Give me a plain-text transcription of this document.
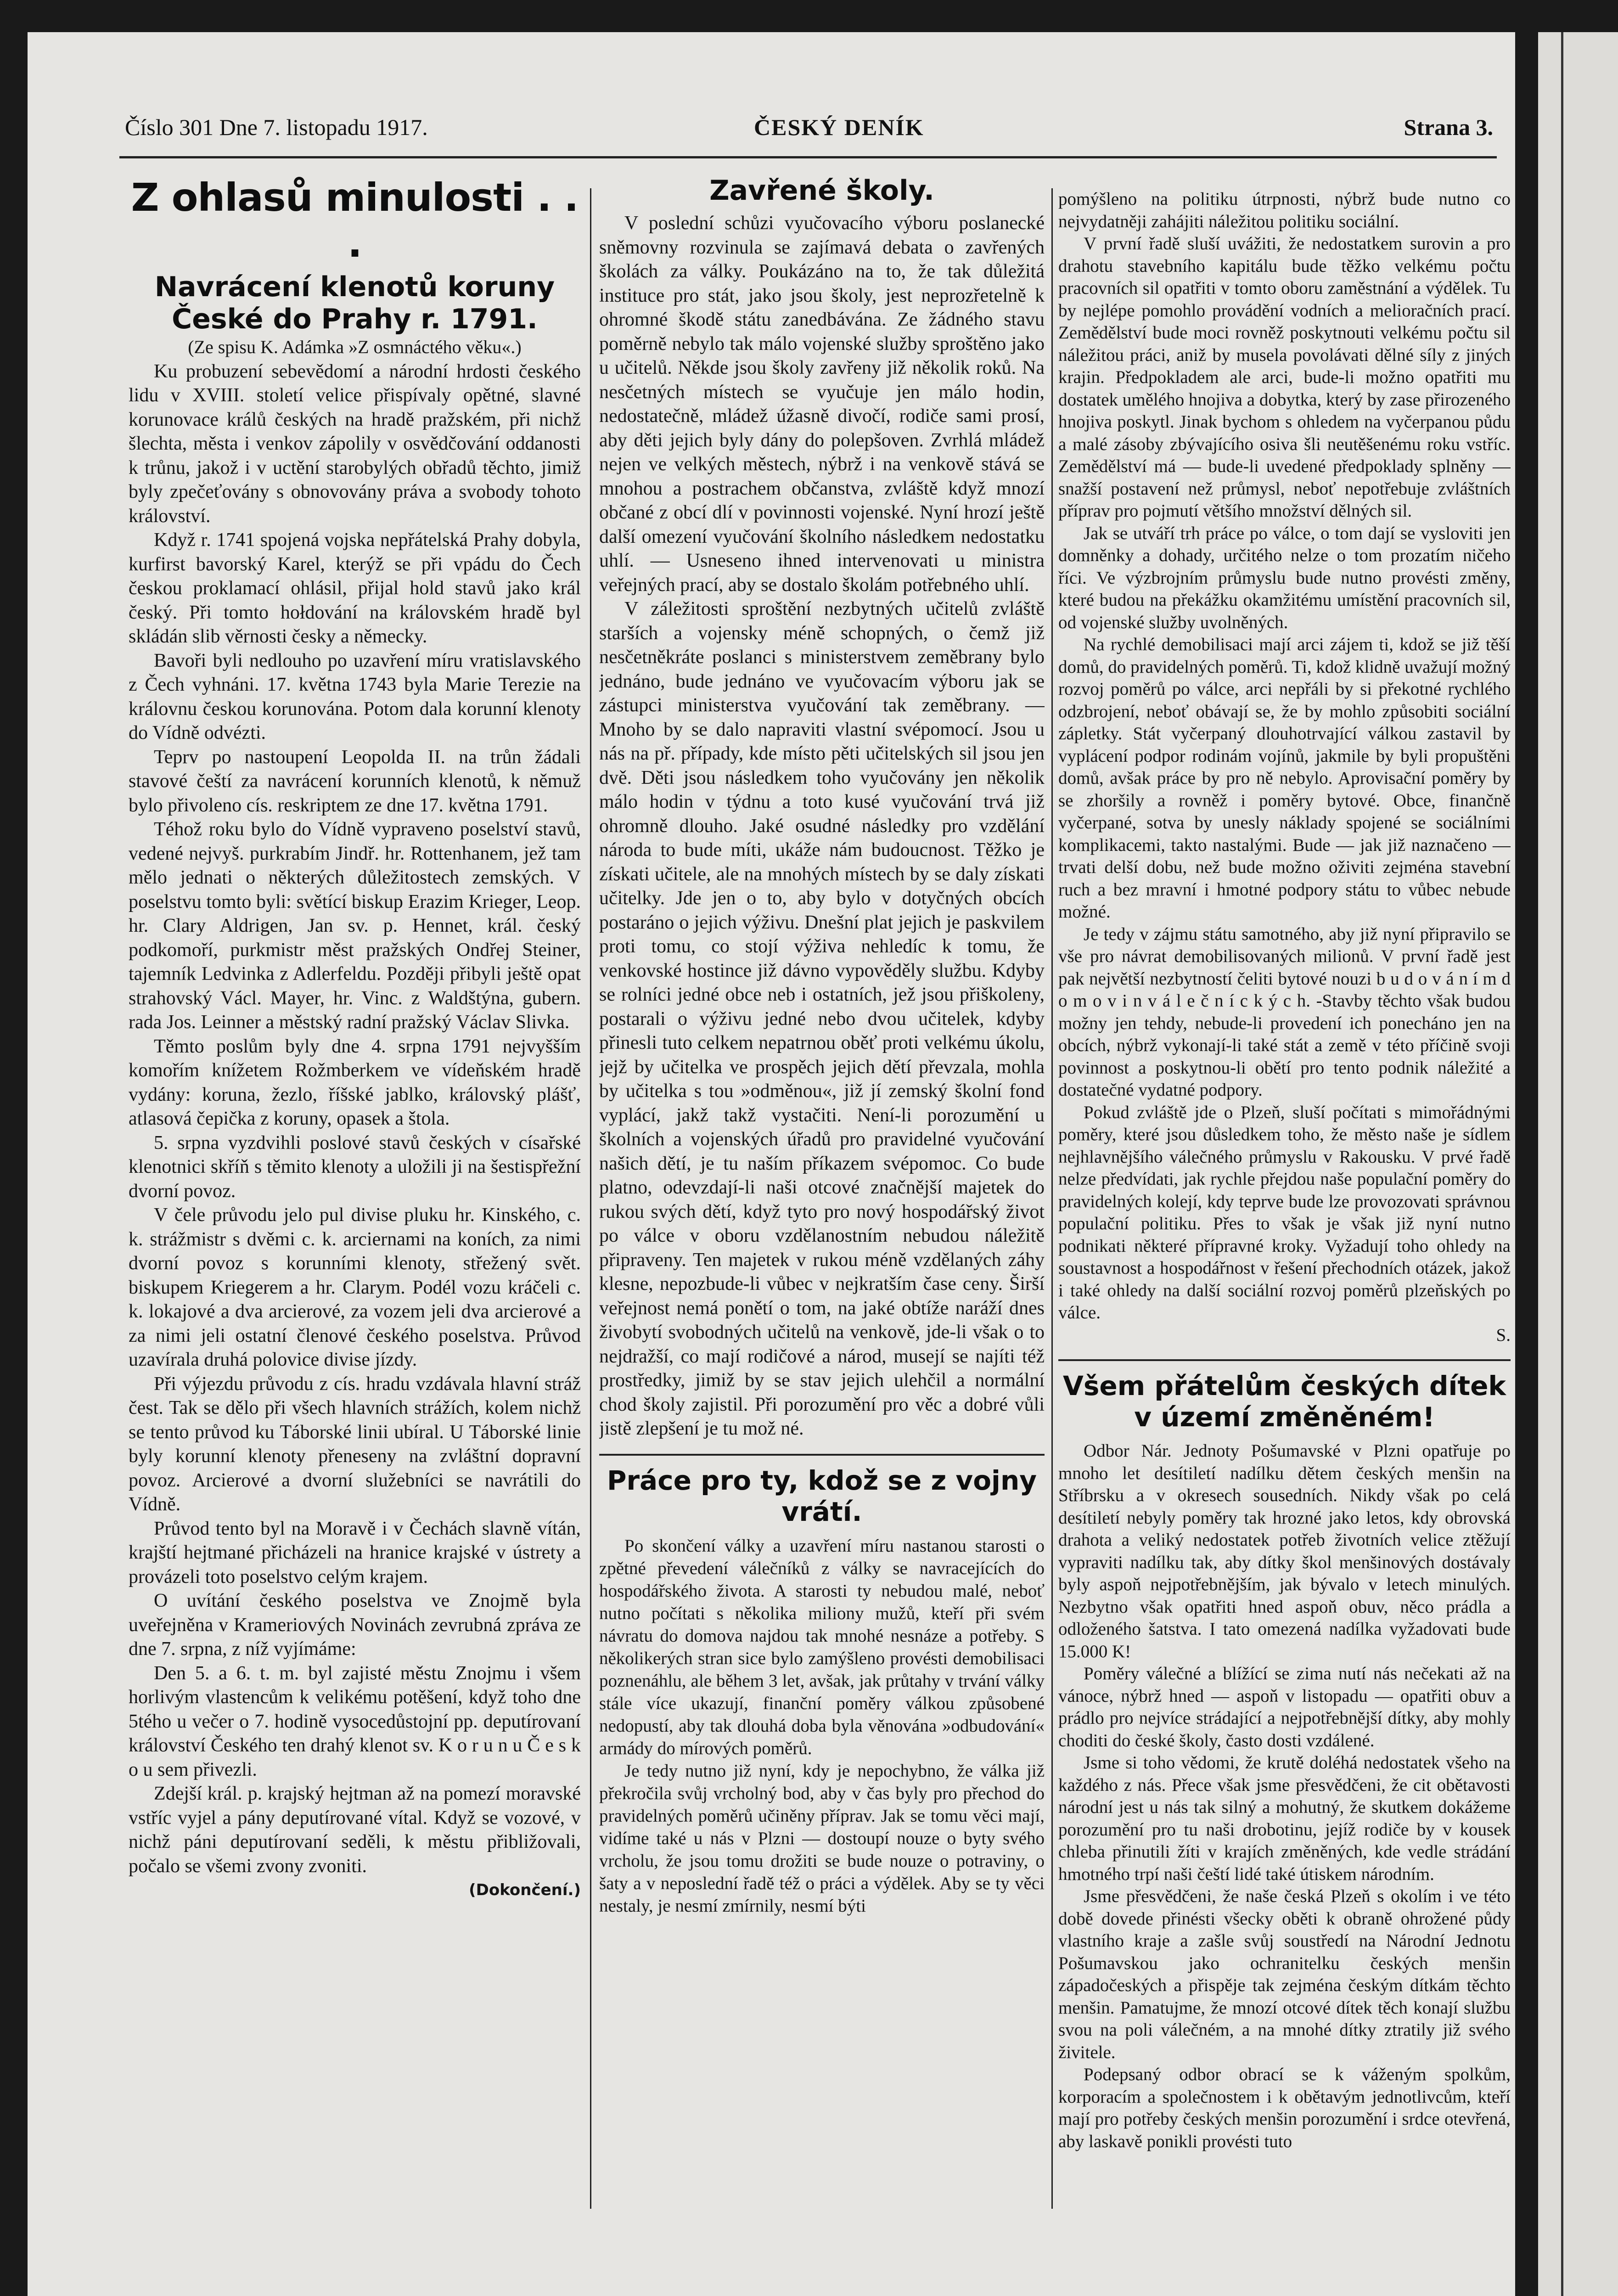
Číslo 301 Dne 7. listopadu 1917.	ČESKÝ DENÍK	Strana 3.
Z ohlasů minulosti . . .
Navrácení klenotů koruny České do Prahy r. 1791.

(Ze spisu K. Adámka »Z osmnáctého věku«.)

Ku probuzení sebevědomí a národní hrdosti českého lidu v XVIII. století velice přispívaly opětné, slavné korunovace králů českých na hradě pražském, při nichž šlechta, města i venkov zápolily v osvědčování oddanosti k trůnu, jakož i v uctění starobylých obřadů těchto, jimiž byly zpečeťovány s obnovovány práva a svobody tohoto království.

Když r. 1741 spojená vojska nepřátelská Prahy dobyla, kurfirst bavorský Karel, kterýž se při vpádu do Čech českou proklamací ohlásil, přijal hold stavů jako král český. Při tomto hołdování na královském hradě byl skládán slib věrnosti česky a německy.

Bavoři byli nedlouho po uzavření míru vratislavského z Čech vyhnáni. 17. května 1743 byla Marie Terezie na královnu českou korunována. Potom dala korunní klenoty do Vídně odvézti.

Teprv po nastoupení Leopolda II. na trůn žádali stavové čeští za navrácení korunních klenotů, k němuž bylo přivoleno cís. reskriptem ze dne 17. května 1791.

Téhož roku bylo do Vídně vypraveno poselství stavů, vedené nejvyš. purkrabím Jindř. hr. Rottenhanem, jež tam mělo jednati o některých důležitostech zemských. V poselstvu tomto byli: světící biskup Erazim Krieger, Leop. hr. Clary Aldrigen, Jan sv. p. Hennet, král. český podkomoří, purkmistr měst pražských Ondřej Steiner, tajemník Ledvinka z Adlerfeldu. Později přibyli ještě opat strahovský Václ. Mayer, hr. Vinc. z Waldštýna, gubern. rada Jos. Leinner a městský radní pražský Václav Slivka.

Těmto poslům byly dne 4. srpna 1791 nejvyšším komořím knížetem Rožmberkem ve vídeňském hradě vydány: koruna, žezlo, říšské jablko, královský plášť, atlasová čepička z koruny, opasek a štola.

5. srpna vyzdvihli poslové stavů českých v císařské klenotnici skříň s těmito klenoty a uložili ji na šestispřežní dvorní povoz.

V čele průvodu jelo pul divise pluku hr. Kinského, c. k. strážmistr s dvěmi c. k. arciernami na koních, za nimi dvorní povoz s korunními klenoty, střežený svět. biskupem Kriegerem a hr. Clarym. Podél vozu kráčeli c. k. lokajové a dva arcierové, za vozem jeli dva arcierové a za nimi jeli ostatní členové českého poselstva. Průvod uzavírala druhá polovice divise jízdy.

Při výjezdu průvodu z cís. hradu vzdávala hlavní stráž čest. Tak se dělo při všech hlavních strážích, kolem nichž se tento průvod ku Táborské linii ubíral. U Táborské linie byly korunní klenoty přeneseny na zvláštní dopravní povoz. Arcierové a dvorní služebníci se navrátili do Vídně.

Průvod tento byl na Moravě i v Čechách slavně vítán, krajští hejtmané přicházeli na hranice krajské v ústrety a provázeli toto poselstvo celým krajem.

O uvítání českého poselstva ve Znojmě byla uveřejněna v Krameriových Novinách zevrubná zpráva ze dne 7. srpna, z níž vyjímáme:

Den 5. a 6. t. m. byl zajisté městu Znojmu i všem horlivým vlastencům k velikému potěšení, když toho dne 5tého u večer o 7. hodině vysocedůstojní pp. deputírovaní království Českého ten drahý klenot sv. K o r u n u Č e s k o u sem přivezli.

Zdejší král. p. krajský hejtman až na pomezí moravské vstříc vyjel a pány deputírované vítal. Když se vozové, v nichž páni deputírovaní seděli, k městu přibližovali, počalo se všemi zvony zvoniti.

(Dokončení.)

Zavřené školy.

V poslední schůzi vyučovacího výboru poslanecké sněmovny rozvinula se zajímavá debata o zavřených školách za války. Poukázáno na to, že tak důležitá instituce pro stát, jako jsou školy, jest neprozřetelně k ohromné škodě státu zanedbávána. Ze žádného stavu poměrně nebylo tak málo vojenské služby sproštěno jako u učitelů. Někde jsou školy zavřeny již několik roků. Na nesčetných místech se vyučuje jen málo hodin, nedostatečně, mládež úžasně divočí, rodiče sami prosí, aby děti jejich byly dány do polepšoven. Zvrhlá mládež nejen ve velkých městech, nýbrž i na venkově stává se mnohou a postrachem občanstva, zvláště když mnozí občané z obcí dlí v povinnosti vojenské. Nyní hrozí ještě další omezení vyučování školního následkem nedostatku uhlí. — Usneseno ihned intervenovati u ministra veřejných prací, aby se dostalo školám potřebného uhlí.

V záležitosti sproštění nezbytných učitelů zvláště starších a vojensky méně schopných, o čemž již nesčetněkráte poslanci s ministerstvem zeměbrany bylo jednáno, bude jednáno ve vyučovacím výboru jak se zástupci ministerstva vyučování tak zeměbrany. — Mnoho by se dalo napraviti vlastní svépomocí. Jsou u nás na př. případy, kde místo pěti učitelských sil jsou jen dvě. Děti jsou následkem toho vyučovány jen několik málo hodin v týdnu a toto kusé vyučování trvá již ohromně dlouho. Jaké osudné následky pro vzdělání národa to bude míti, ukáže nám budoucnost. Těžko je získati učitele, ale na mnohých místech by se daly získati učitelky. Jde jen o to, aby bylo v dotyčných obcích postaráno o jejich výživu. Dnešní plat jejich je paskvilem proti tomu, co stojí výživa nehledíc k tomu, že venkovské hostince již dávno vypověděly službu. Kdyby se rolníci jedné obce neb i ostatních, jež jsou přiškoleny, postarali o výživu jedné nebo dvou učitelek, kdyby přinesli tuto celkem nepatrnou oběť proti velkému úkolu, jejž by učitelka ve prospěch jejich dětí převzala, mohla by učitelka s tou »odměnou«, již jí zemský školní fond vyplácí, jakž takž vystačiti. Není-li porozumění u školních a vojenských úřadů pro pravidelné vyučování našich dětí, je tu naším příkazem svépomoc. Co bude platno, odevzdají-li naši otcové značnější majetek do rukou svých dětí, když tyto pro nový hospodářský život po válce v oboru vzdělanostním nebudou náležitě připraveny. Ten majetek v rukou méně vzdělaných záhy klesne, nepozbude-li vůbec v nejkratším čase ceny. Širší veřejnost nemá ponětí o tom, na jaké obtíže naráží dnes živobytí svobodných učitelů na venkově, jde-li však o to nejdražší, co mají rodičové a národ, musejí se najíti též prostředky, jimiž by se stav jejich ulehčil a normální chod školy zajistil. Při porozumění pro věc a dobré vůli jistě zlepšení je tu mož né.

Práce pro ty, kdož se z vojny vrátí.

Po skončení války a uzavření míru nastanou starosti o zpětné převedení válečníků z války se navracejících do hospodářského života. A starosti ty nebudou malé, neboť nutno počítati s několika miliony mužů, kteří při svém návratu do domova najdou tak mnohé nesnáze a potřeby. S několikerých stran sice bylo zamýšleno provésti demobilisaci poznenáhlu, ale během 3 let, avšak, jak průtahy v trvání války stále více ukazují, finanční poměry válkou způsobené nedopustí, aby tak dlouhá doba byla věnována »odbudování« armády do mírových poměrů.

Je tedy nutno již nyní, kdy je nepochybno, že válka již překročila svůj vrcholný bod, aby v čas byly pro přechod do pravidelných poměrů učiněny příprav. Jak se tomu věci mají, vidíme také u nás v Plzni — dostoupí nouze o byty svého vrcholu, že jsou tomu drožiti se bude nouze o potraviny, o šaty a v neposlední řadě též o práci a výdělek. Aby se ty věci nestaly, je nesmí zmírnily, nesmí býti

pomýšleno na politiku útrpnosti, nýbrž bude nutno co nejvydatněji zahájiti náležitou politiku sociální.

V první řadě sluší uvážiti, že nedostatkem surovin a pro drahotu stavebního kapitálu bude těžko velkému počtu pracovních sil opatřiti v tomto oboru zaměstnání a výdělek. Tu by nejlépe pomohlo provádění vodních a melioračních prací. Zemědělství bude moci rovněž poskytnouti velkému počtu sil náležitou práci, aniž by musela povolávati dělné síly z jiných krajin. Předpokladem ale arci, bude-li možno opatřiti mu dostatek umělého hnojiva a dobytka, který by zase přirozeného hnojiva poskytl. Jinak bychom s ohledem na vyčerpanou půdu a malé zásoby zbývajícího osiva šli neutěšenému roku vstříc. Zemědělství má — bude-li uvedené předpoklady splněny — snažší postavení než průmysl, neboť nepotřebuje zvláštních příprav pro pojmutí většího množství dělných sil.

Jak se utváří trh práce po válce, o tom dají se vysloviti jen domněnky a dohady, určitého nelze o tom prozatím ničeho říci. Ve výzbrojním průmyslu bude nutno provésti změny, které budou na překážku okamžitému umístění pracovních sil, od vojenské služby uvolněných.

Na rychlé demobilisaci mají arci zájem ti, kdož se již těší domů, do pravidelných poměrů. Ti, kdož klidně uvažují možný rozvoj poměrů po válce, arci nepřáli by si překotné rychlého odzbrojení, neboť obávají se, že by mohlo způsobiti sociální zápletky. Stát vyčerpaný dlouhotrvající válkou zastavil by vyplácení podpor rodinám vojínů, jakmile by byli propuštěni domů, avšak práce by pro ně nebylo. Aprovisační poměry by se zhoršily a rovněž i poměry bytové. Obce, finančně vyčerpané, sotva by unesly náklady spojené se sociálními komplikacemi, takto nastalými. Bude — jak již naznačeno — trvati delší dobu, než bude možno oživiti zejména stavební ruch a bez mravní i hmotné podpory státu to vůbec nebude možné.

Je tedy v zájmu státu samotného, aby již nyní připravilo se vše pro návrat demobilisovaných milionů. V první řadě jest pak největší nezbytností čeliti bytové nouzi b u d o v á n í m d o m o v i n v á l e č n í c k ý c h. -Stavby těchto však budou možny jen tehdy, nebude-li provedení ich ponecháno jen na obcích, nýbrž vykonají-li také stát a země v této příčině svoji povinnost a poskytnou-li obětí pro tento podnik náležité a dostatečné vydatné podpory.

Pokud zvláště jde o Plzeň, sluší počítati s mimořádnými poměry, které jsou důsledkem toho, že město naše je sídlem nejhlavnějšího válečného průmyslu v Rakousku. V prvé řadě nelze předvídati, jak rychle přejdou naše populační poměry do pravidelných kolejí, kdy teprve bude lze provozovati správnou populační politiku. Přes to však je však již nyní nutno podnikati některé přípravné kroky. Vyžadují toho ohledy na soustavnost a hospodářnost v řešení přechodních otázek, jakož i také ohledy na další sociální rozvoj poměrů plzeňských po válce.

S.

Všem přátelům českých dítek v území změněném!

Odbor Nár. Jednoty Pošumavské v Plzni opatřuje po mnoho let desítiletí nadílku dětem českých menšin na Stříbrsku a v okresech sousedních. Nikdy však po celá desítiletí nebyly poměry tak hrozné jako letos, kdy obrovská drahota a veliký nedostatek potřeb životních velice ztěžují vypraviti nadílku tak, aby dítky škol menšinových dostávaly byly aspoň nejpotřebnějším, jak bývalo v letech minulých. Nezbytno však opatřiti hned aspoň obuv, něco prádla a odloženého šatstva. I tato omezená nadílka vyžadovati bude 15.000 K!

Poměry válečné a blížící se zima nutí nás nečekati až na vánoce, nýbrž hned — aspoň v listopadu — opatřiti obuv a prádlo pro nejvíce strádající a nejpotřebnější dítky, aby mohly choditi do české školy, často dosti vzdálené.

Jsme si toho vědomi, že krutě doléhá nedostatek všeho na každého z nás. Přece však jsme přesvědčeni, že cit obětavosti národní jest u nás tak silný a mohutný, že skutkem dokážeme porozumění pro tu naši drobotinu, jejíž rodiče by v kousek chleba přinutili žíti v krajích změněných, kde vedle strádání hmotného trpí naši čeští lidé také útiskem národním.

Jsme přesvědčeni, že naše česká Plzeň s okolím i ve této době dovede přinésti všecky oběti k obraně ohrožené půdy vlastního kraje a zašle svůj soustředí na Národní Jednotu Pošumavskou jako ochranitelku českých menšin západočeských a přispěje tak zejména českým dítkám těchto menšin. Pamatujme, že mnozí otcové dítek těch konají službu svou na poli válečném, a na mnohé dítky ztratily již svého živitele.

Podepsaný odbor obrací se k váženým spolkům, korporacím a společnostem i k obětavým jednotlivcům, kteří mají pro potřeby českých menšin porozumění i srdce otevřená, aby laskavě ponikli provésti tuto
